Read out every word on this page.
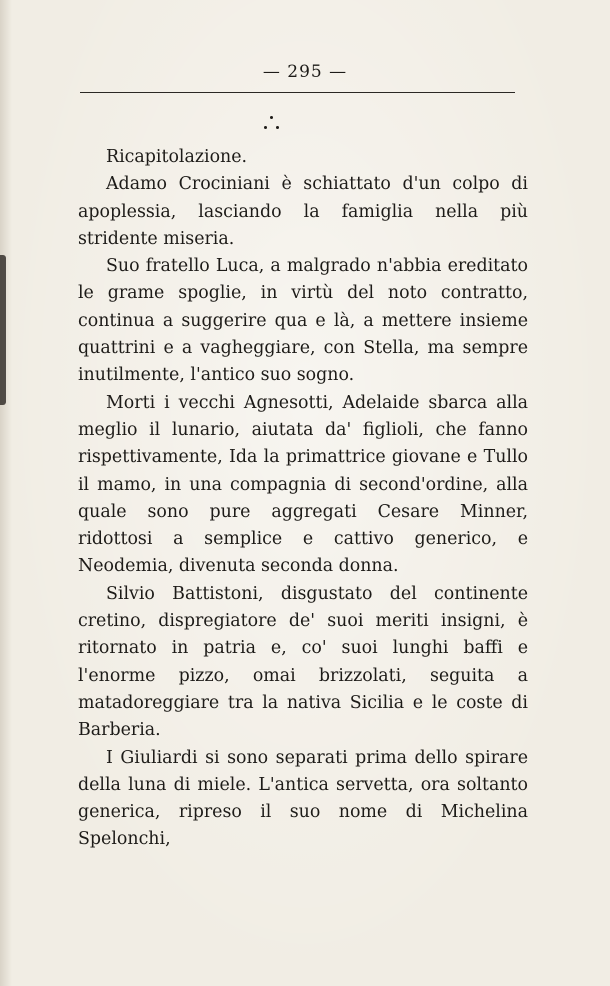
— 295 —

Ricapitolazione.

Adamo Crociniani è schiattato d'un colpo di apoplessia, lasciando la famiglia nella più stridente miseria.

Suo fratello Luca, a malgrado n'abbia ereditato le grame spoglie, in virtù del noto contratto, continua a suggerire qua e là, a mettere insieme quattrini e a vagheggiare, con Stella, ma sempre inutilmente, l'antico suo sogno.

Morti i vecchi Agnesotti, Adelaide sbarca alla meglio il lunario, aiutata da' figlioli, che fanno rispettivamente, Ida la primattrice giovane e Tullo il mamo, in una compagnia di second'ordine, alla quale sono pure aggregati Cesare Minner, ridottosi a semplice e cattivo generico, e Neodemia, divenuta seconda donna.

Silvio Battistoni, disgustato del continente cretino, dispregiatore de' suoi meriti insigni, è ritornato in patria e, co' suoi lunghi baffi e l'enorme pizzo, omai brizzolati, seguita a matadoreggiare tra la nativa Sicilia e le coste di Barberia.

I Giuliardi si sono separati prima dello spirare della luna di miele. L'antica servetta, ora soltanto generica, ripreso il suo nome di Michelina Spelonchi,
